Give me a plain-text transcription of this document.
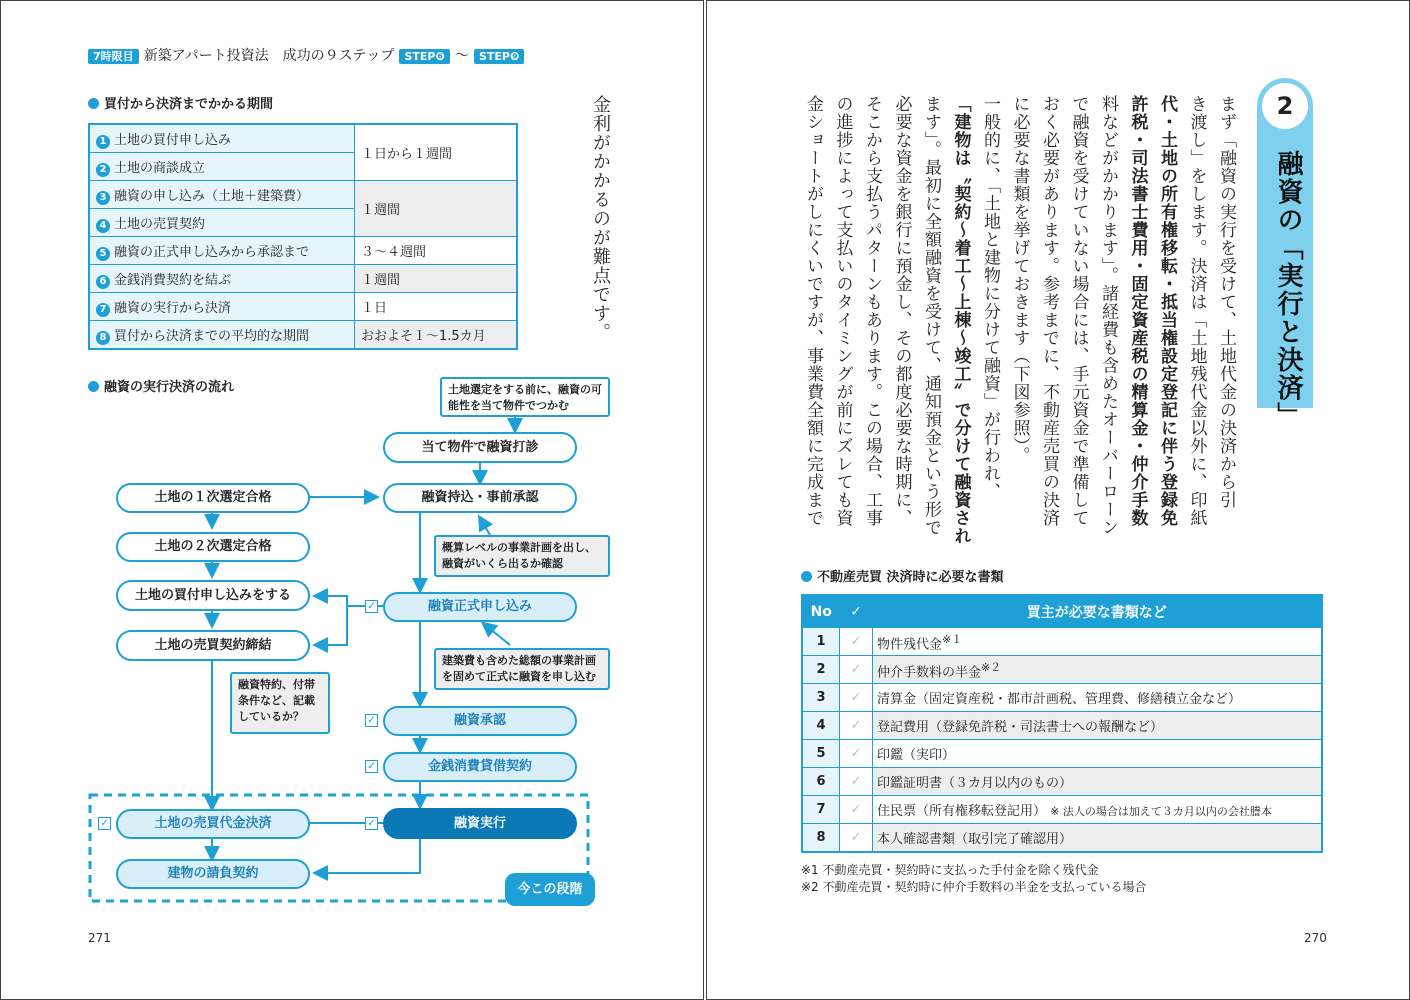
7時限目 新築アパート投資法　成功の９ステップ STEP❻ ～ STEP❾
買付から決済までかかる期間
1 土地の買付申し込み	１日から１週間
2 土地の商談成立	
3 融資の申し込み（土地＋建築費）	１週間
4 土地の売買契約	
5 融資の正式申し込みから承認まで	３～４週間
6 金銭消費契約を結ぶ	１週間
7 融資の実行から決済	１日
8 買付から決済までの平均的な期間	おおよそ１～1.5カ月	金利がかかるのが難点です。
融資の実行決済の流れ	土地選定をする前に、融資の可能性を当て物件でつかむ
当て物件で融資打診
土地の１次選定合格	融資持込・事前承認
土地の２次選定合格	概算レベルの事業計画を出し、融資がいくら出るか確認
土地の買付申し込みをする
✓	融資正式申し込み
土地の売買契約締結
建築費も含めた総額の事業計画を固めて正式に融資を申し込む
融資特約、付帯条件など、記載しているか？	✓	融資承認
✓	金銭消費貸借契約
✓	土地の売買代金決済	✓	融資実行
建物の請負契約
今この段階
271
2
融資の「実行と決済」
まず「融資の実行を受けて、土地代金の決済から引
き渡し」をします。決済は「土地残代金以外に、印紙
代・土地の所有権移転・抵当権設定登記に伴う登録免
許税・司法書士費用・固定資産税の精算金・仲介手数
料などがかかります」。諸経費も含めたオーバーローン
で融資を受けていない場合には、手元資金で準備して
おく必要があります。参考までに、不動産売買の決済
に必要な書類を挙げておきます（下図参照）。
一般的に、「土地と建物に分けて融資」が行われ、
「建物は〝契約～着工～上棟～竣工〟で分けて融資され
ます」。最初に全額融資を受けて、通知預金という形で
必要な資金を銀行に預金し、その都度必要な時期に、
そこから支払うパターンもあります。この場合、工事
の進捗によって支払いのタイミングが前にズレても資
金ショートがしにくいですが、事業費全額に完成まで
不動産売買 決済時に必要な書類
No	✓	買主が必要な書類など
1	✓	物件残代金$^{※1}$
2	✓	仲介手数料の半金$^{※2}$
3	✓	清算金（固定資産税・都市計画税、管理費、修繕積立金など）
4	✓	登記費用（登録免許税・司法書士への報酬など）
5	✓	印鑑（実印）
6	✓	印鑑証明書（３カ月以内のもの）
7	✓	住民票（所有権移転登記用） ※ 法人の場合は加えて３カ月以内の会社謄本
8	✓	本人確認書類（取引完了確認用）
※1 不動産売買・契約時に支払った手付金を除く残代金
※2 不動産売買・契約時に仲介手数料の半金を支払っている場合
270
